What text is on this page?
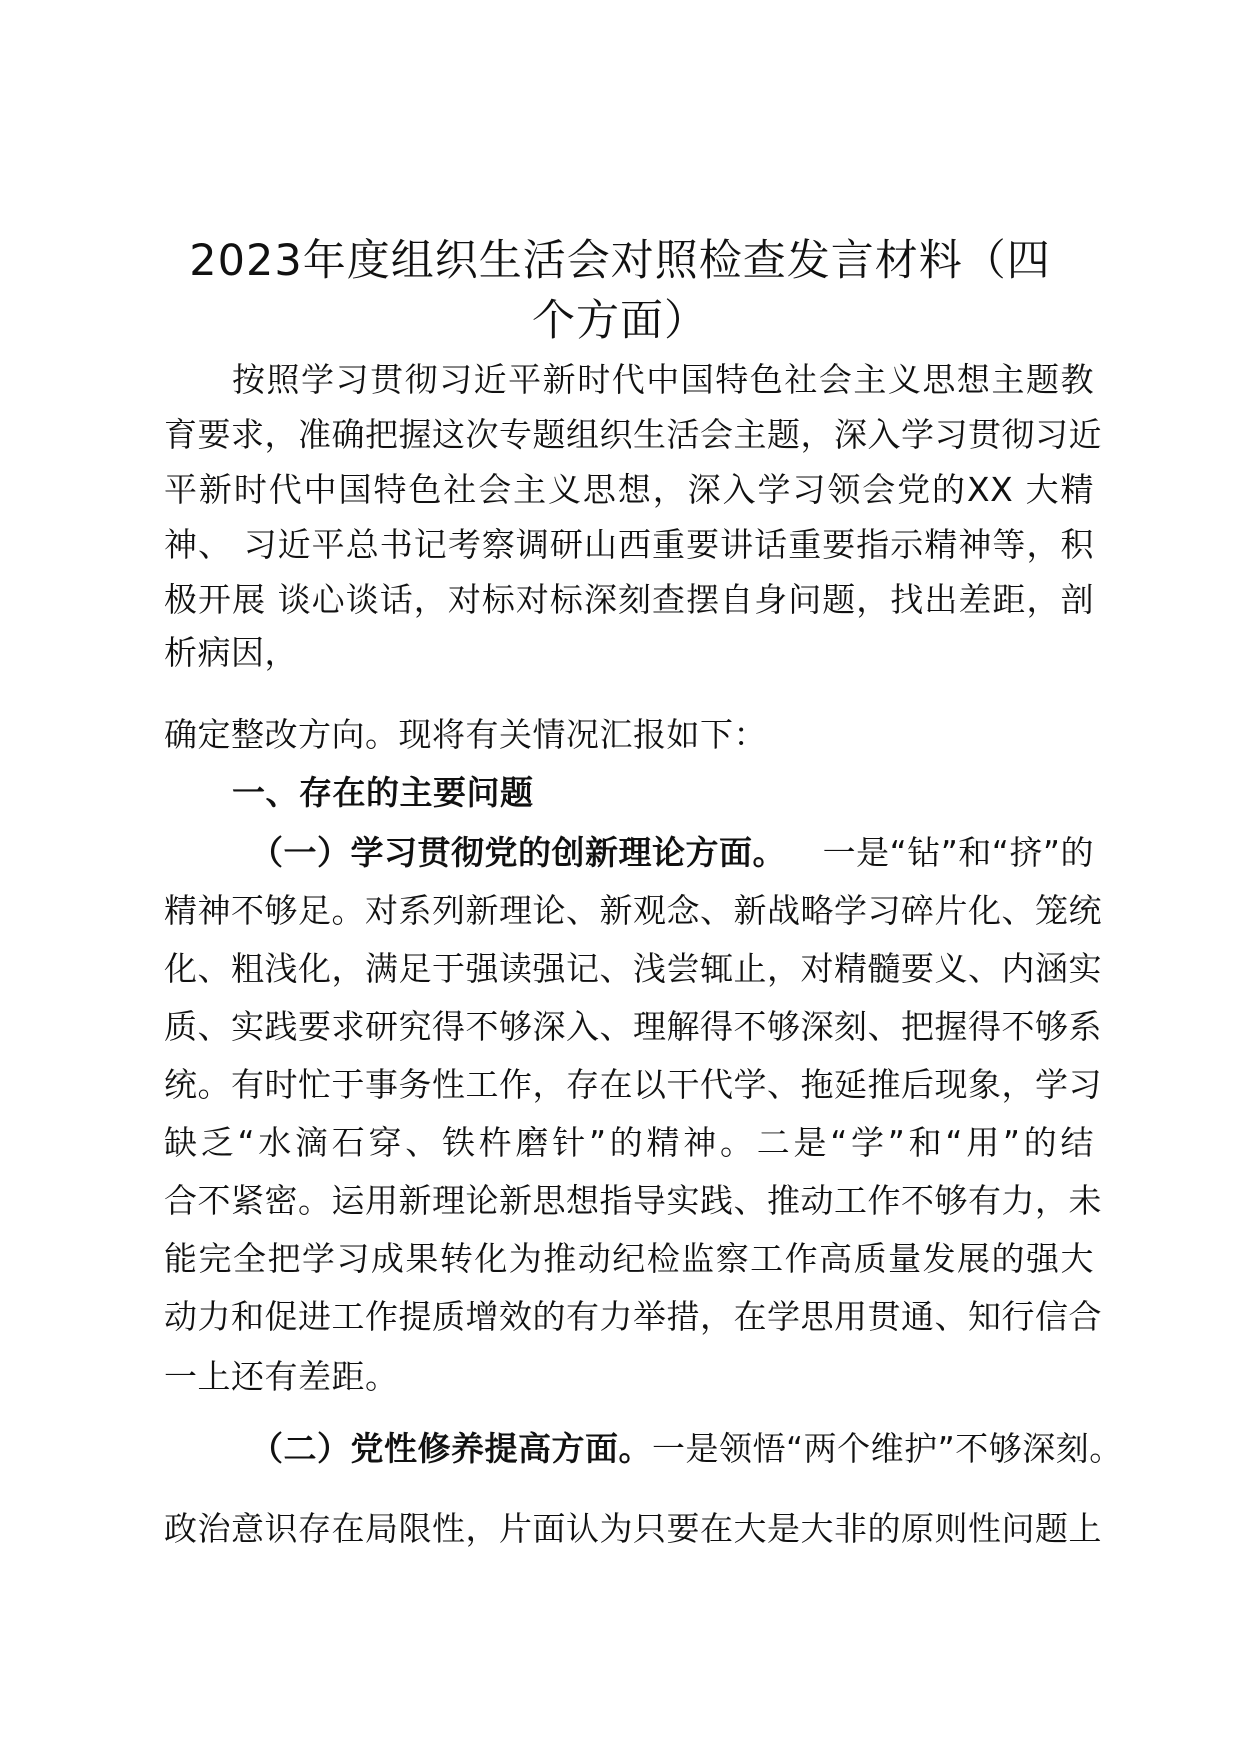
2023年度组织生活会对照检查发言材料（四
个方面）
按照学习贯彻习近平新时代中国特色社会主义思想主题教
育要求，准确把握这次专题组织生活会主题，深入学习贯彻习近
平新时代中国特色社会主义思想，深入学习领会党的XX 大精
神、 习近平总书记考察调研山西重要讲话重要指示精神等，积
极开展 谈心谈话，对标对标深刻查摆自身问题，找出差距，剖
析病因，
确定整改方向。现将有关情况汇报如下：
一、存在的主要问题
（一）学习贯彻党的创新理论方面。 一是“钻”和“挤”的
精神不够足。对系列新理论、新观念、新战略学习碎片化、笼统
化、粗浅化，满足于强读强记、浅尝辄止，对精髓要义、内涵实
质、实践要求研究得不够深入、理解得不够深刻、把握得不够系
统。有时忙于事务性工作，存在以干代学、拖延推后现象，学习
缺乏“水滴石穿、铁杵磨针”的精神。二是“学”和“用”的结
合不紧密。运用新理论新思想指导实践、推动工作不够有力，未
能完全把学习成果转化为推动纪检监察工作高质量发展的强大
动力和促进工作提质增效的有力举措，在学思用贯通、知行信合
一上还有差距。
（二）党性修养提高方面。 一是领悟“两个维护”不够深刻。
政治意识存在局限性，片面认为只要在大是大非的原则性问题上
